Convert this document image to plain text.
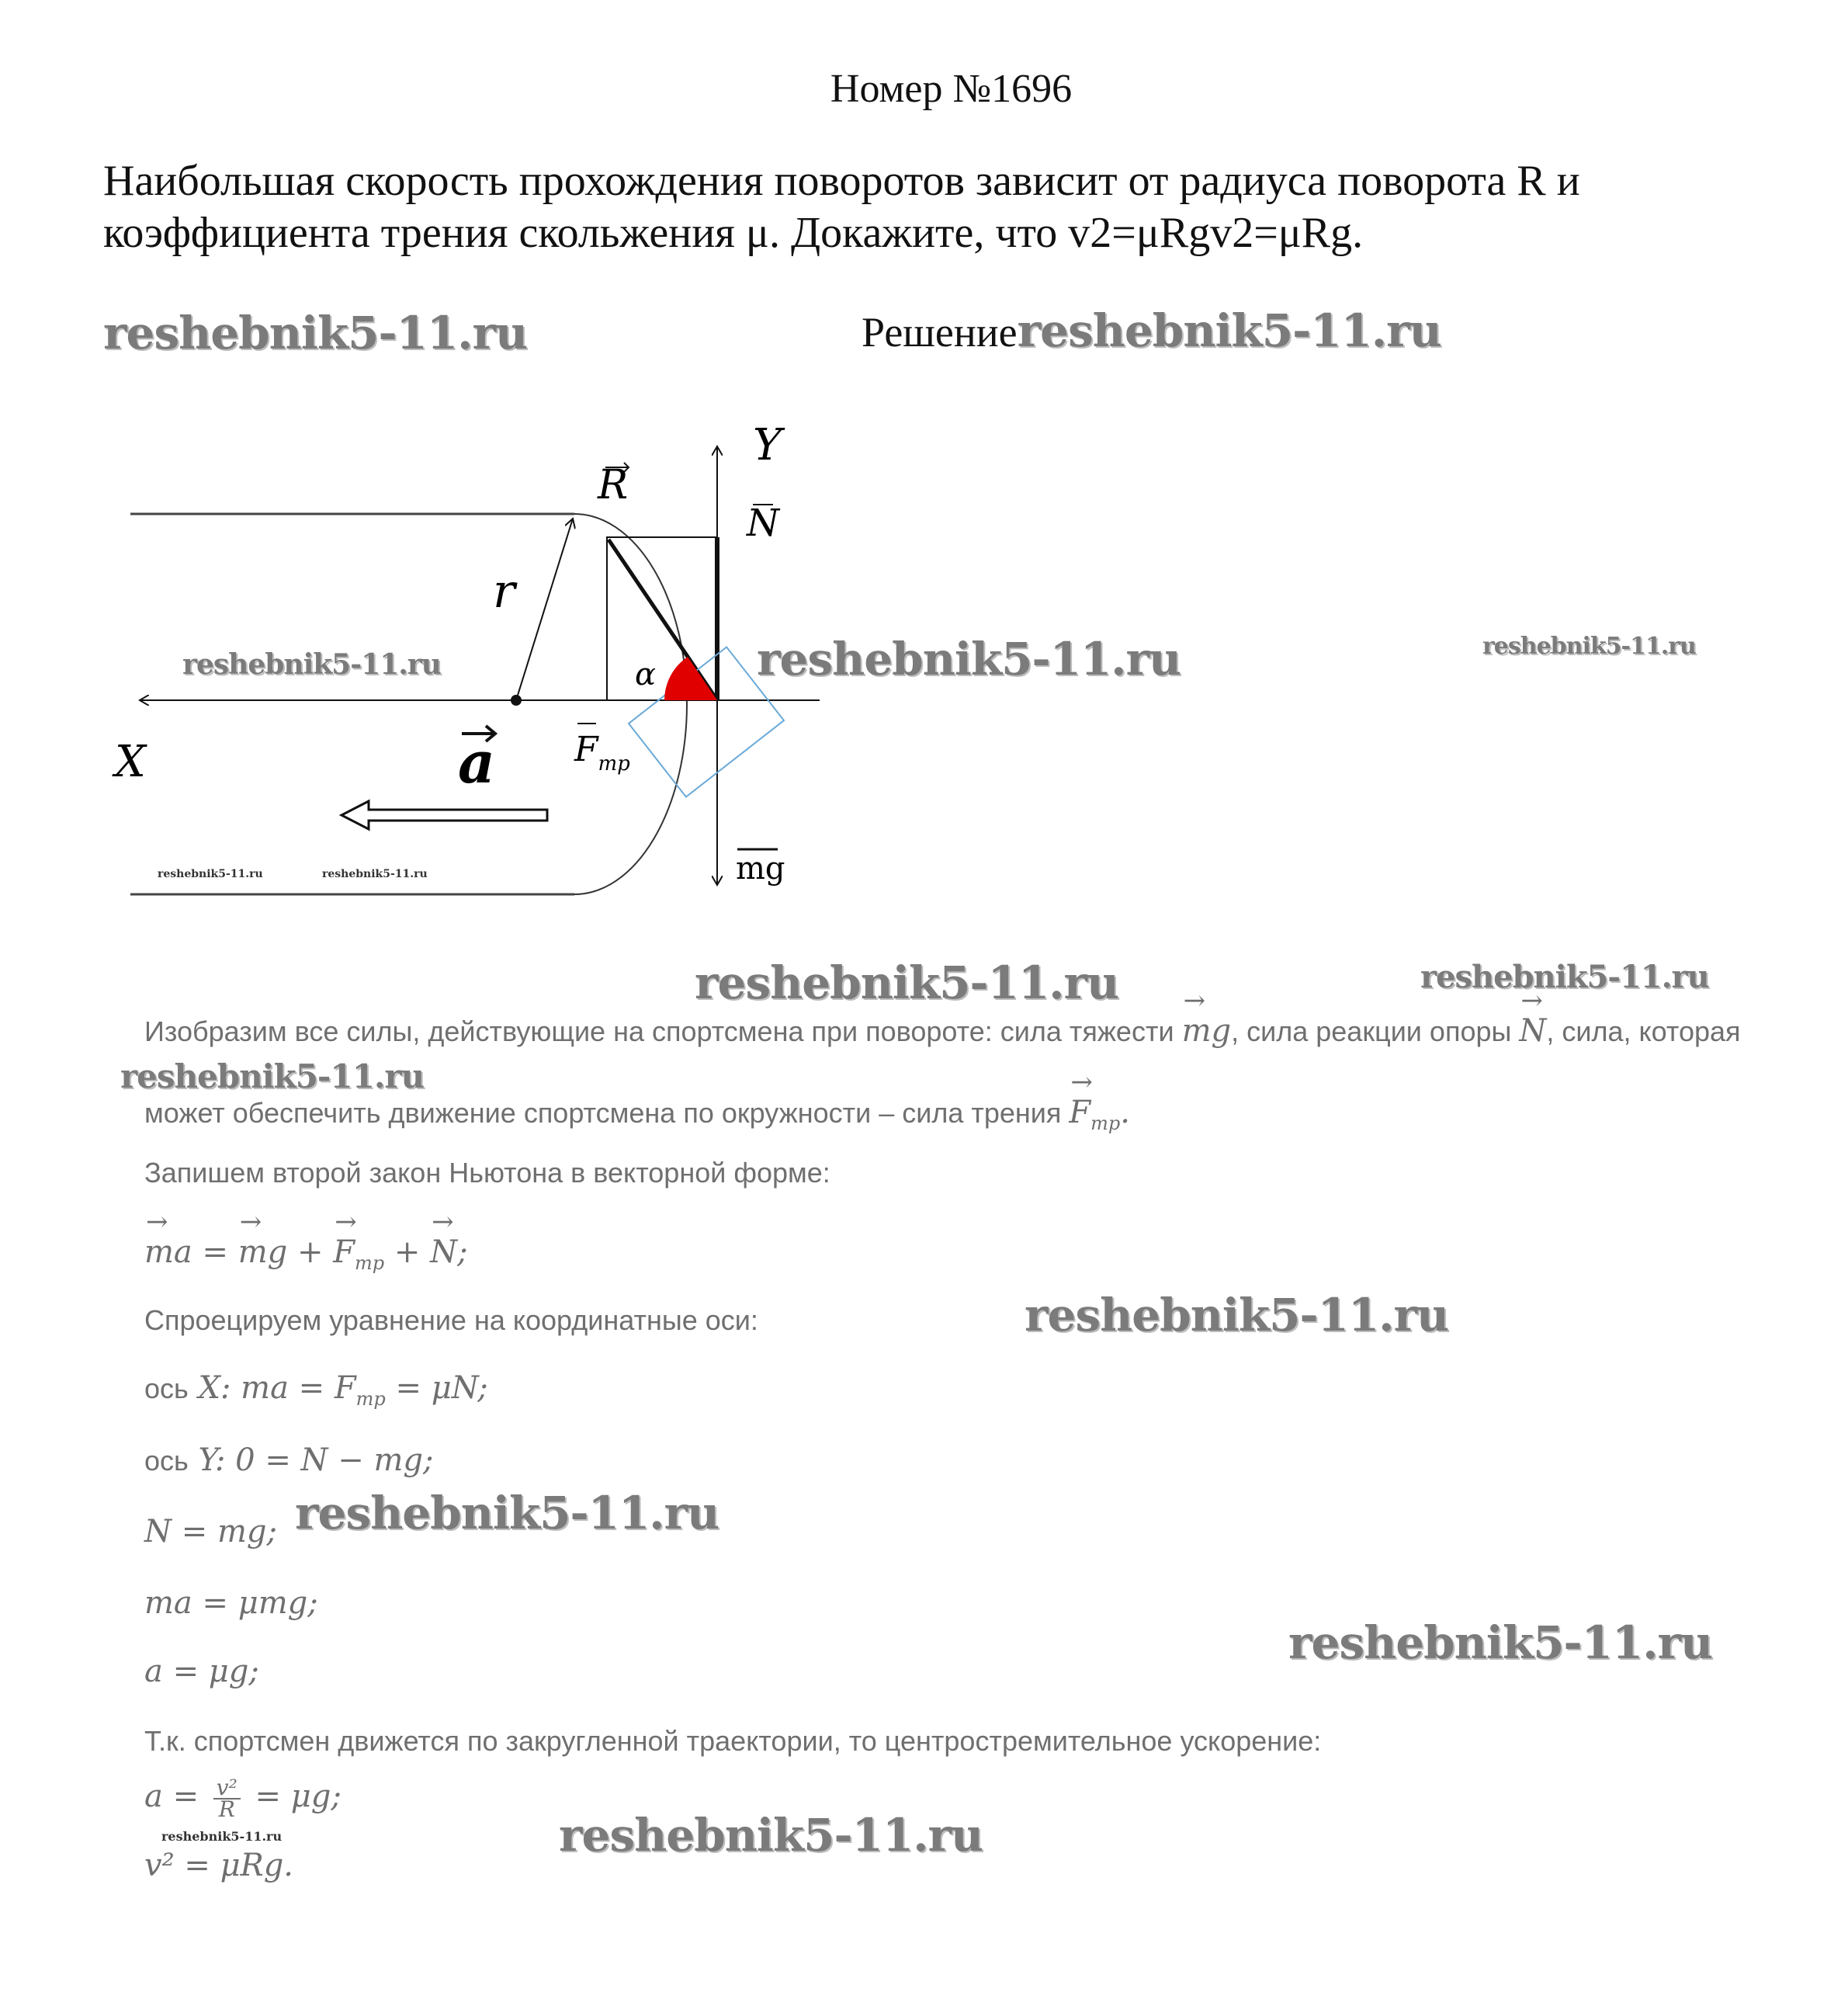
Номер №1696
Наибольшая скорость прохождения поворотов зависит от радиуса поворота R и
коэффициента трения скольжения μ. Докажите, что v2=μRgv2=μRg.
reshebnik5-11.ru	Решениеreshebnik5-11.ru
Y
X
R
N
r
α
a $F_{тр}$
mg
reshebnik5-11.ru	reshebnik5-11.ru	reshebnik5-11.ru
reshebnik5-11.ru	reshebnik5-11.ru
reshebnik5-11.ru	reshebnik5-11.ru
Изобразим все силы, действующие на спортсмена при повороте: сила тяжести → mg, сила реакции опоры → N, сила, которая
reshebnik5-11.ru
может обеспечить движение спортсмена по окружности – сила трения → $F_{тр}$.
Запишем второй закон Ньютона в векторной форме:
→ ma = → mg + → $F_{тр}$ + → N;
Спроецируем уравнение на координатные оси:	reshebnik5-11.ru
ось X: ma = $F_{тр} = \mu N$;
ось Y: 0 = N − mg;
N = mg; reshebnik5-11.ru
ma = μmg;
reshebnik5-11.ru
a = μg;
Т.к. спортсмен движется по закругленной траектории, то центростремительное ускорение:
$a = \frac{\text{v²}}{R} = \mu g$;
reshebnik5-11.ru	reshebnik5-11.ru
v² = μRg.
